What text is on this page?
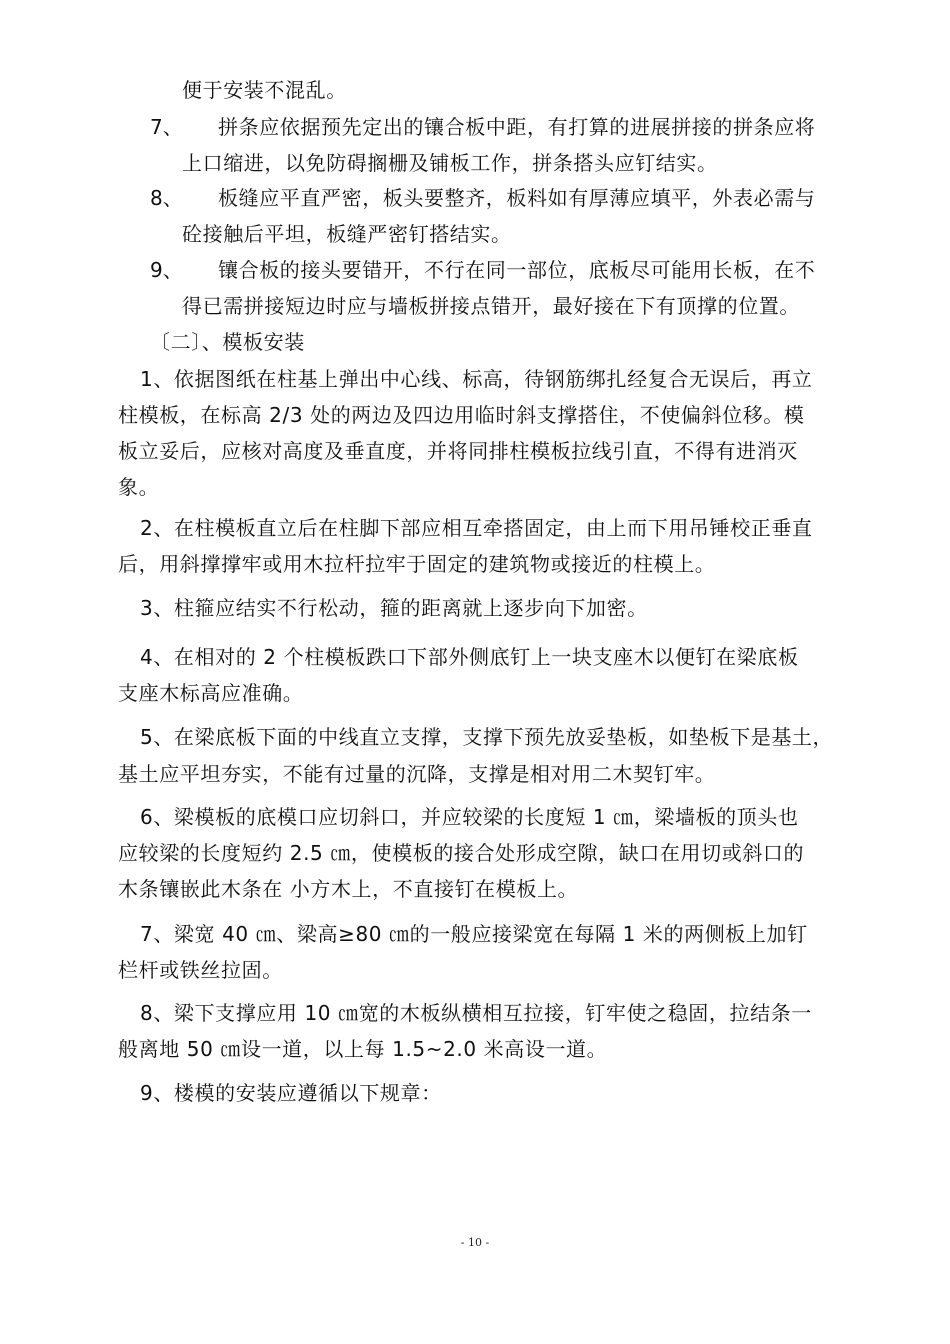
便于安装不混乱。
7、 拼条应依据预先定出的镶合板中距，有打算的进展拼接的拼条应将
上口缩进，以免防碍搁栅及铺板工作，拼条搭头应钉结实。
8、 板缝应平直严密，板头要整齐，板料如有厚薄应填平，外表必需与
砼接触后平坦，板缝严密钉搭结实。
9、 镶合板的接头要错开，不行在同一部位，底板尽可能用长板，在不
得已需拼接短边时应与墙板拼接点错开，最好接在下有顶撑的位置。
〔二〕、模板安装
1、依据图纸在柱基上弹出中心线、标高，待钢筋绑扎经复合无误后，再立
柱模板，在标高 2/3 处的两边及四边用临时斜支撑搭住，不使偏斜位移。模
板立妥后，应核对高度及垂直度，并将同排柱模板拉线引直，不得有进消灭
象。
2、在柱模板直立后在柱脚下部应相互牵搭固定，由上而下用吊锤校正垂直
后，用斜撑撑牢或用木拉杆拉牢于固定的建筑物或接近的柱模上。
3、柱箍应结实不行松动，箍的距离就上逐步向下加密。
4、在相对的 2 个柱模板跌口下部外侧底钉上一块支座木以便钉在梁底板
支座木标高应准确。
5、在梁底板下面的中线直立支撑，支撑下预先放妥垫板，如垫板下是基土，
基土应平坦夯实，不能有过量的沉降，支撑是相对用二木契钉牢。
6、梁模板的底模口应切斜口，并应较梁的长度短 1 ㎝，梁墙板的顶头也
应较梁的长度短约 2.5 ㎝，使模板的接合处形成空隙，缺口在用切或斜口的
木条镶嵌此木条在 小方木上，不直接钉在模板上。
7、梁宽 40 ㎝、梁高≥80 ㎝的一般应接梁宽在每隔 1 米的两侧板上加钉
栏杆或铁丝拉固。
8、梁下支撑应用 10 ㎝宽的木板纵横相互拉接，钉牢使之稳固，拉结条一
般离地 50 ㎝设一道，以上每 1.5~2.0 米高设一道。
9、楼模的安装应遵循以下规章：
- 10 -
